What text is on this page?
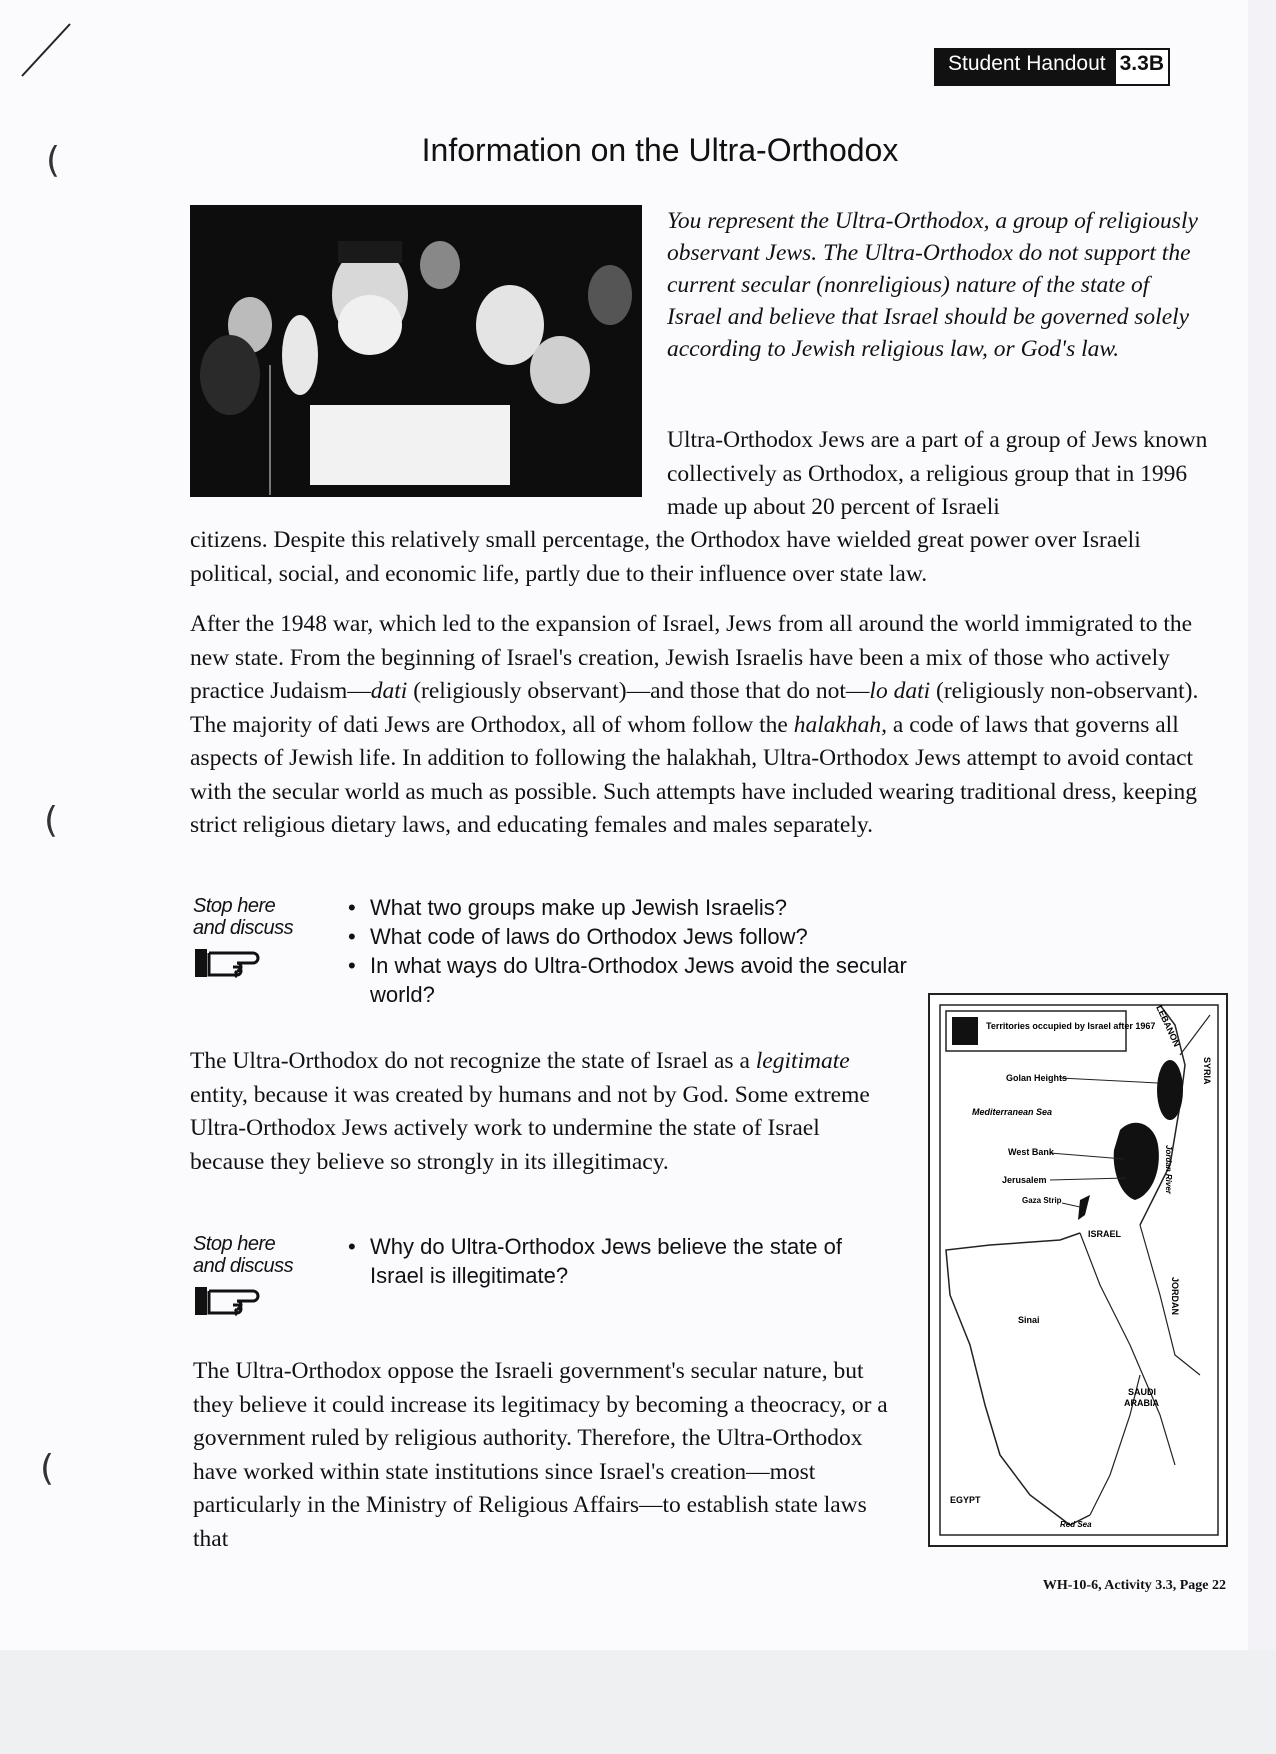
(
(
(
Student Handout 3.3B
Information on the Ultra-Orthodox
You represent the Ultra-Orthodox, a group of religiously observant Jews. The Ultra-Orthodox do not support the current secular (nonreligious) nature of the state of Israel and believe that Israel should be governed solely according to Jewish religious law, or God's law.
Ultra-Orthodox Jews are a part of a group of Jews known collectively as Orthodox, a religious group that in 1996 made up about 20 percent of Israeli
citizens. Despite this relatively small percentage, the Orthodox have wielded great power over Israeli political, social, and economic life, partly due to their influence over state law.
After the 1948 war, which led to the expansion of Israel, Jews from all around the world immigrated to the new state. From the beginning of Israel's creation, Jewish Israelis have been a mix of those who actively practice Judaism—dati (religiously observant)—and those that do not—lo dati (religiously non-observant). The majority of dati Jews are Orthodox, all of whom follow the halakhah, a code of laws that governs all aspects of Jewish life. In addition to following the halakhah, Ultra-Orthodox Jews attempt to avoid contact with the secular world as much as possible. Such attempts have included wearing traditional dress, keeping strict religious dietary laws, and educating females and males separately.
Stop here
and discuss
• What two groups make up Jewish Israelis?
• What code of laws do Orthodox Jews follow?
• In what ways do Ultra-Orthodox Jews avoid the secular world?
The Ultra-Orthodox do not recognize the state of Israel as a legitimate entity, because it was created by humans and not by God. Some extreme Ultra-Orthodox Jews actively work to undermine the state of Israel because they believe so strongly in its illegitimacy.
Stop here
and discuss
• Why do Ultra-Orthodox Jews believe the state of Israel is illegitimate?
The Ultra-Orthodox oppose the Israeli government's secular nature, but they believe it could increase its legitimacy by becoming a theocracy, or a government ruled by religious authority. Therefore, the Ultra-Orthodox have worked within state institutions since Israel's creation—most particularly in the Ministry of Religious Affairs—to establish state laws that
Territories occupied by Israel after 1967
Golan Heights
Mediterranean Sea
West Bank
Jerusalem
Gaza Strip
ISRAEL
Sinai
EGYPT
Red Sea
SAUDI ARABIA
JORDAN
LEBANON
SYRIA
Jordan River
WH-10-6, Activity 3.3, Page 22
